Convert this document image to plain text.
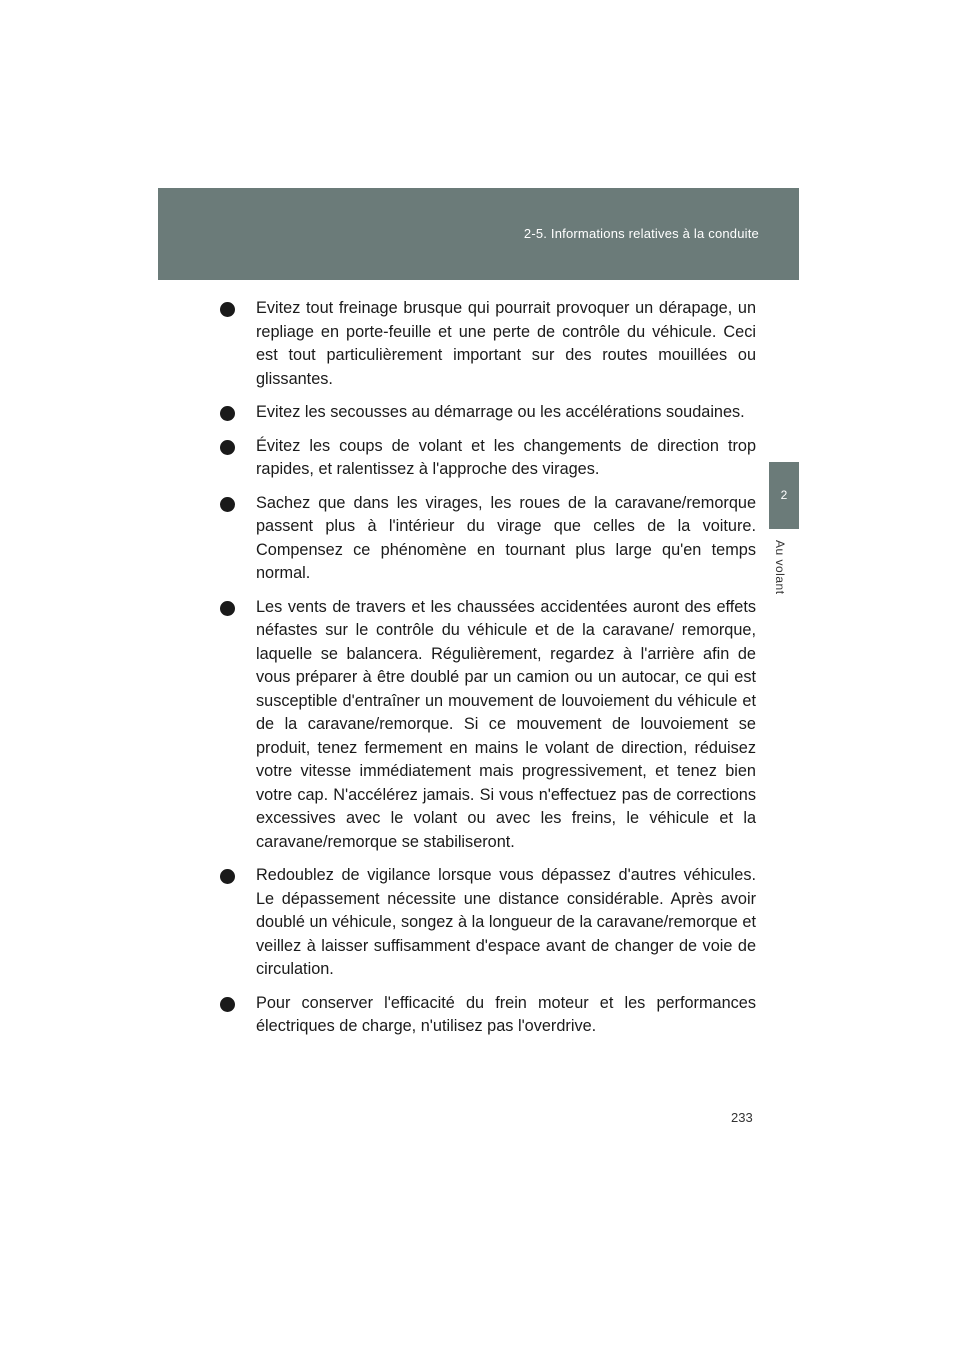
2-5. Informations relatives à la conduite
2
Au volant

Evitez tout freinage brusque qui pourrait provoquer un dérapage, un repliage en porte-feuille et une perte de contrôle du véhicule. Ceci est tout particulièrement important sur des routes mouillées ou glissantes.

Evitez les secousses au démarrage ou les accélérations soudaines.

Évitez les coups de volant et les changements de direction trop rapides, et ralentissez à l'approche des virages.

Sachez que dans les virages, les roues de la caravane/remorque passent plus à l'intérieur du virage que celles de la voiture. Compensez ce phénomène en tournant plus large qu'en temps normal.

Les vents de travers et les chaussées accidentées auront des effets néfastes sur le contrôle du véhicule et de la caravane/ remorque, laquelle se balancera. Régulièrement, regardez à l'arrière afin de vous préparer à être doublé par un camion ou un autocar, ce qui est susceptible d'entraîner un mouvement de louvoiement du véhicule et de la caravane/remorque. Si ce mouvement de louvoiement se produit, tenez fermement en mains le volant de direction, réduisez votre vitesse immédiatement mais progressivement, et tenez bien votre cap. N'accélérez jamais. Si vous n'effectuez pas de corrections excessives avec le volant ou avec les freins, le véhicule et la caravane/remorque se stabiliseront.

Redoublez de vigilance lorsque vous dépassez d'autres véhicules. Le dépassement nécessite une distance considérable. Après avoir doublé un véhicule, songez à la longueur de la caravane/remorque et veillez à laisser suffisamment d'espace avant de changer de voie de circulation.

Pour conserver l'efficacité du frein moteur et les performances électriques de charge, n'utilisez pas l'overdrive.

233
